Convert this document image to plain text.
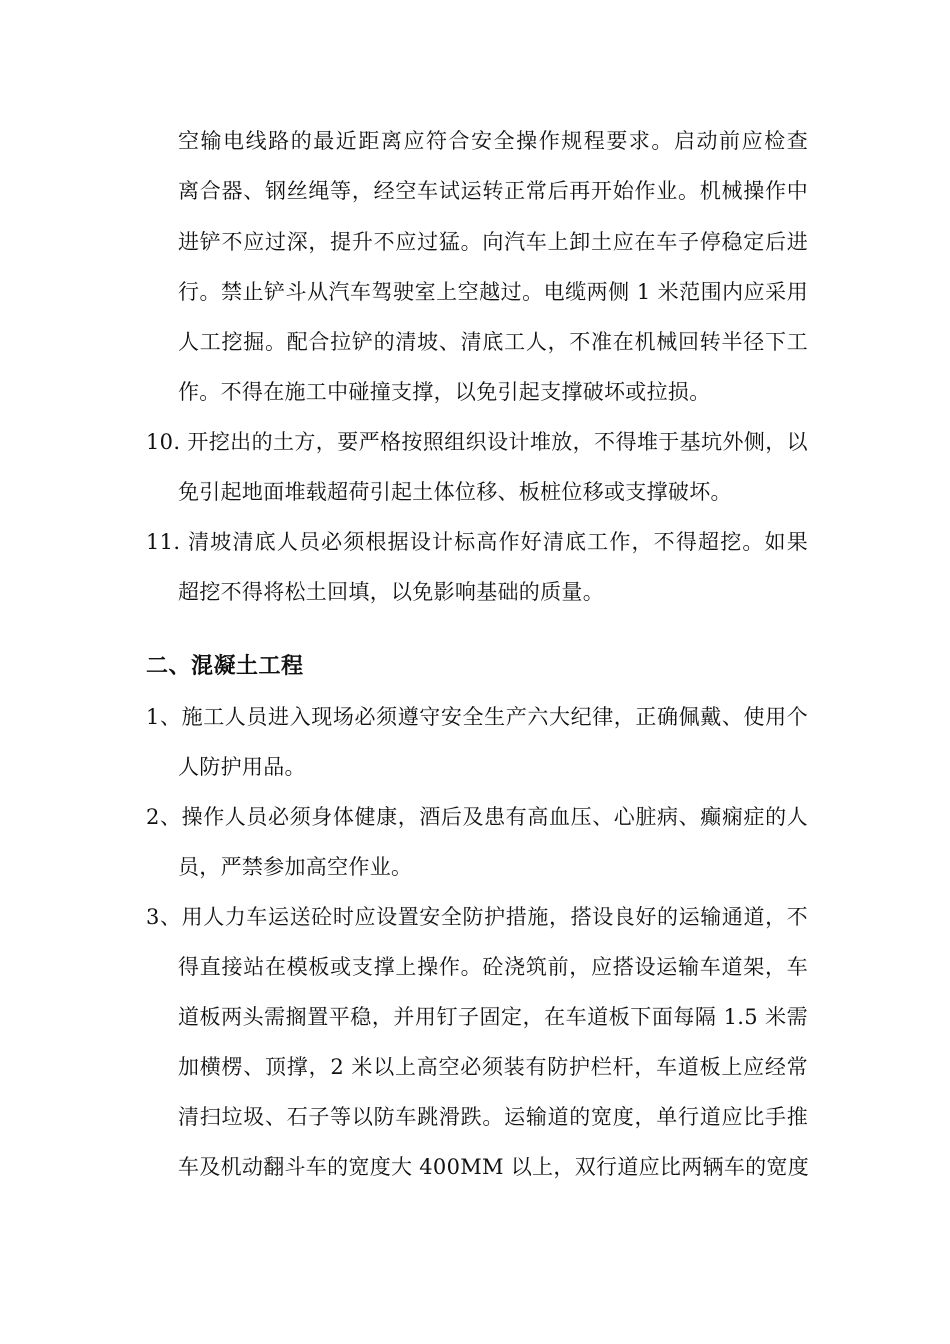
空输电线路的最近距离应符合安全操作规程要求。启动前应检查
离合器、钢丝绳等，经空车试运转正常后再开始作业。机械操作中
进铲不应过深，提升不应过猛。向汽车上卸土应在车子停稳定后进
行。禁止铲斗从汽车驾驶室上空越过。电缆两侧 1 米范围内应采用
人工挖掘。配合拉铲的清坡、清底工人，不准在机械回转半径下工
作。不得在施工中碰撞支撑，以免引起支撑破坏或拉损。
10. 开挖出的土方，要严格按照组织设计堆放，不得堆于基坑外侧，以
免引起地面堆载超荷引起土体位移、板桩位移或支撑破坏。
11. 清坡清底人员必须根据设计标高作好清底工作，不得超挖。如果
超挖不得将松土回填，以免影响基础的质量。
二、混凝土工程
1、施工人员进入现场必须遵守安全生产六大纪律，正确佩戴、使用个
人防护用品。
2、操作人员必须身体健康，酒后及患有高血压、心脏病、癫痫症的人
员，严禁参加高空作业。
3、用人力车运送砼时应设置安全防护措施，搭设良好的运输通道，不
得直接站在模板或支撑上操作。砼浇筑前，应搭设运输车道架，车
道板两头需搁置平稳，并用钉子固定，在车道板下面每隔 1.5 米需
加横楞、顶撑，2 米以上高空必须装有防护栏杆，车道板上应经常
清扫垃圾、石子等以防车跳滑跌。运输道的宽度，单行道应比手推
车及机动翻斗车的宽度大 400MM 以上，双行道应比两辆车的宽度
